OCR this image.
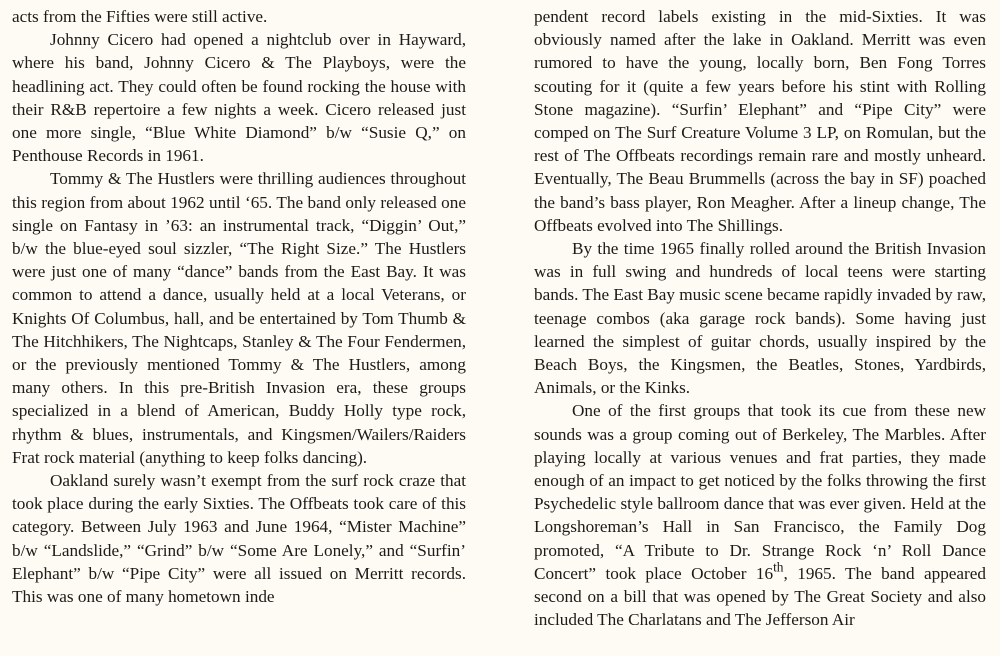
acts from the Fifties were still active.

Johnny Cicero had opened a nightclub over in Hayward, where his band, Johnny Cicero & The Playboys, were the headlining act. They could often be found rocking the house with their R&B repertoire a few nights a week. Cicero released just one more single, “Blue White Diamond” b/w “Susie Q,” on Penthouse Records in 1961.

Tommy & The Hustlers were thrilling audiences throughout this region from about 1962 until ‘65. The band only released one single on Fantasy in ’63: an instrumental track, “Diggin’ Out,” b/w the blue-eyed soul sizzler, “The Right Size.” The Hustlers were just one of many “dance” bands from the East Bay. It was common to attend a dance, usually held at a local Veterans, or Knights Of Columbus, hall, and be entertained by Tom Thumb & The Hitchhikers, The Nightcaps, Stanley & The Four Fendermen, or the previously mentioned Tommy & The Hustlers, among many others. In this pre-British Invasion era, these groups specialized in a blend of American, Buddy Holly type rock, rhythm & blues, instrumentals, and Kingsmen/Wailers/Raiders Frat rock material (anything to keep folks dancing).

Oakland surely wasn’t exempt from the surf rock craze that took place during the early Sixties. The Offbeats took care of this category. Between July 1963 and June 1964, “Mister Machine” b/w “Landslide,” “Grind” b/w “Some Are Lonely,” and “Surfin’ Elephant” b/w “Pipe City” were all issued on Merritt records. This was one of many hometown inde

pendent record labels existing in the mid-Sixties. It was obviously named after the lake in Oakland. Merritt was even rumored to have the young, locally born, Ben Fong Torres scouting for it (quite a few years before his stint with Rolling Stone magazine). “Surfin’ Elephant” and “Pipe City” were comped on The Surf Creature Volume 3 LP, on Romulan, but the rest of The Offbeats recordings remain rare and mostly unheard. Eventually, The Beau Brummells (across the bay in SF) poached the band’s bass player, Ron Meagher. After a lineup change, The Offbeats evolved into The Shillings.

By the time 1965 finally rolled around the British Invasion was in full swing and hundreds of local teens were starting bands. The East Bay music scene became rapidly invaded by raw, teenage combos (aka garage rock bands). Some having just learned the simplest of guitar chords, usually inspired by the Beach Boys, the Kingsmen, the Beatles, Stones, Yardbirds, Animals, or the Kinks.

One of the first groups that took its cue from these new sounds was a group coming out of Berkeley, The Marbles. After playing locally at various venues and frat parties, they made enough of an impact to get noticed by the folks throwing the first Psychedelic style ballroom dance that was ever given. Held at the Longshoreman’s Hall in San Francisco, the Family Dog promoted, “A Tribute to Dr. Strange Rock ‘n’ Roll Dance Concert” took place October 16th, 1965. The band appeared second on a bill that was opened by The Great Society and also included The Charlatans and The Jefferson Air
